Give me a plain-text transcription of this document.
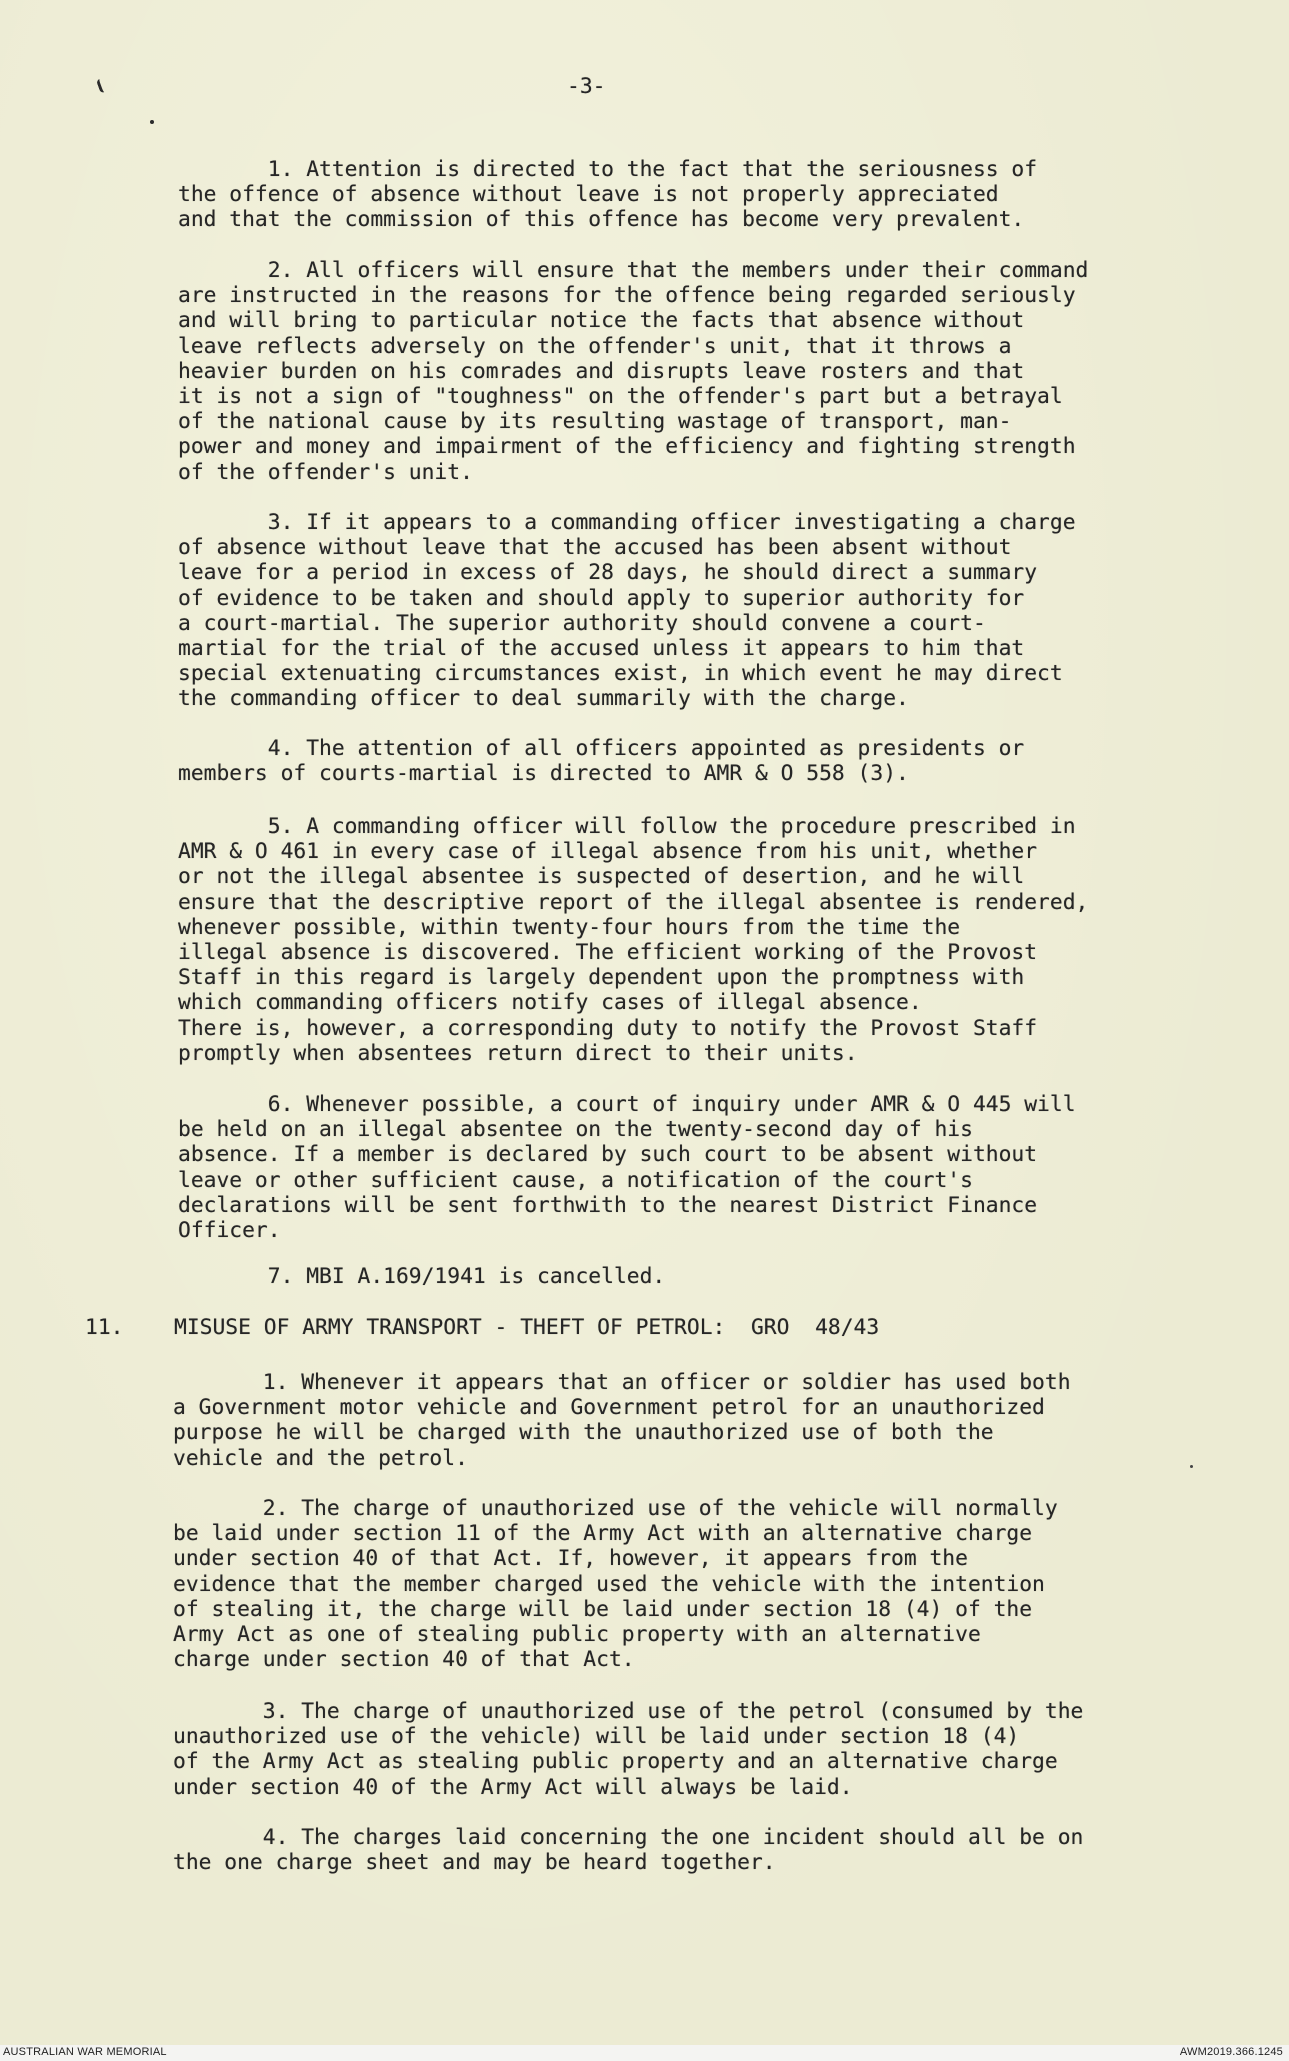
-3-
1. Attention is directed to the fact that the seriousness of
the offence of absence without leave is not properly appreciated
and that the commission of this offence has become very prevalent.
2. All officers will ensure that the members under their command
are instructed in the reasons for the offence being regarded seriously
and will bring to particular notice the facts that absence without
leave reflects adversely on the offender's unit, that it throws a
heavier burden on his comrades and disrupts leave rosters and that
it is not a sign of "toughness" on the offender's part but a betrayal
of the national cause by its resulting wastage of transport, man-
power and money and impairment of the efficiency and fighting strength
of the offender's unit.
3. If it appears to a commanding officer investigating a charge
of absence without leave that the accused has been absent without
leave for a period in excess of 28 days, he should direct a summary
of evidence to be taken and should apply to superior authority for
a court-martial. The superior authority should convene a court-
martial for the trial of the accused unless it appears to him that
special extenuating circumstances exist, in which event he may direct
the commanding officer to deal summarily with the charge.
4. The attention of all officers appointed as presidents or
members of courts-martial is directed to AMR & O 558 (3).
5. A commanding officer will follow the procedure prescribed in
AMR & O 461 in every case of illegal absence from his unit, whether
or not the illegal absentee is suspected of desertion, and he will
ensure that the descriptive report of the illegal absentee is rendered,
whenever possible, within twenty-four hours from the time the
illegal absence is discovered. The efficient working of the Provost
Staff in this regard is largely dependent upon the promptness with
which commanding officers notify cases of illegal absence.
There is, however, a corresponding duty to notify the Provost Staff
promptly when absentees return direct to their units.
6. Whenever possible, a court of inquiry under AMR & O 445 will
be held on an illegal absentee on the twenty-second day of his
absence. If a member is declared by such court to be absent without
leave or other sufficient cause, a notification of the court's
declarations will be sent forthwith to the nearest District Finance
Officer.
7. MBI A.169/1941 is cancelled.
11. MISUSE OF ARMY TRANSPORT - THEFT OF PETROL:  GRO  48/43
1. Whenever it appears that an officer or soldier has used both
a Government motor vehicle and Government petrol for an unauthorized
purpose he will be charged with the unauthorized use of both the
vehicle and the petrol.
2. The charge of unauthorized use of the vehicle will normally
be laid under section 11 of the Army Act with an alternative charge
under section 40 of that Act. If, however, it appears from the
evidence that the member charged used the vehicle with the intention
of stealing it, the charge will be laid under section 18 (4) of the
Army Act as one of stealing public property with an alternative
charge under section 40 of that Act.
3. The charge of unauthorized use of the petrol (consumed by the
unauthorized use of the vehicle) will be laid under section 18 (4)
of the Army Act as stealing public property and an alternative charge
under section 40 of the Army Act will always be laid.
4. The charges laid concerning the one incident should all be on
the one charge sheet and may be heard together.
AUSTRALIAN WAR MEMORIAL	AWM2019.366.1245
